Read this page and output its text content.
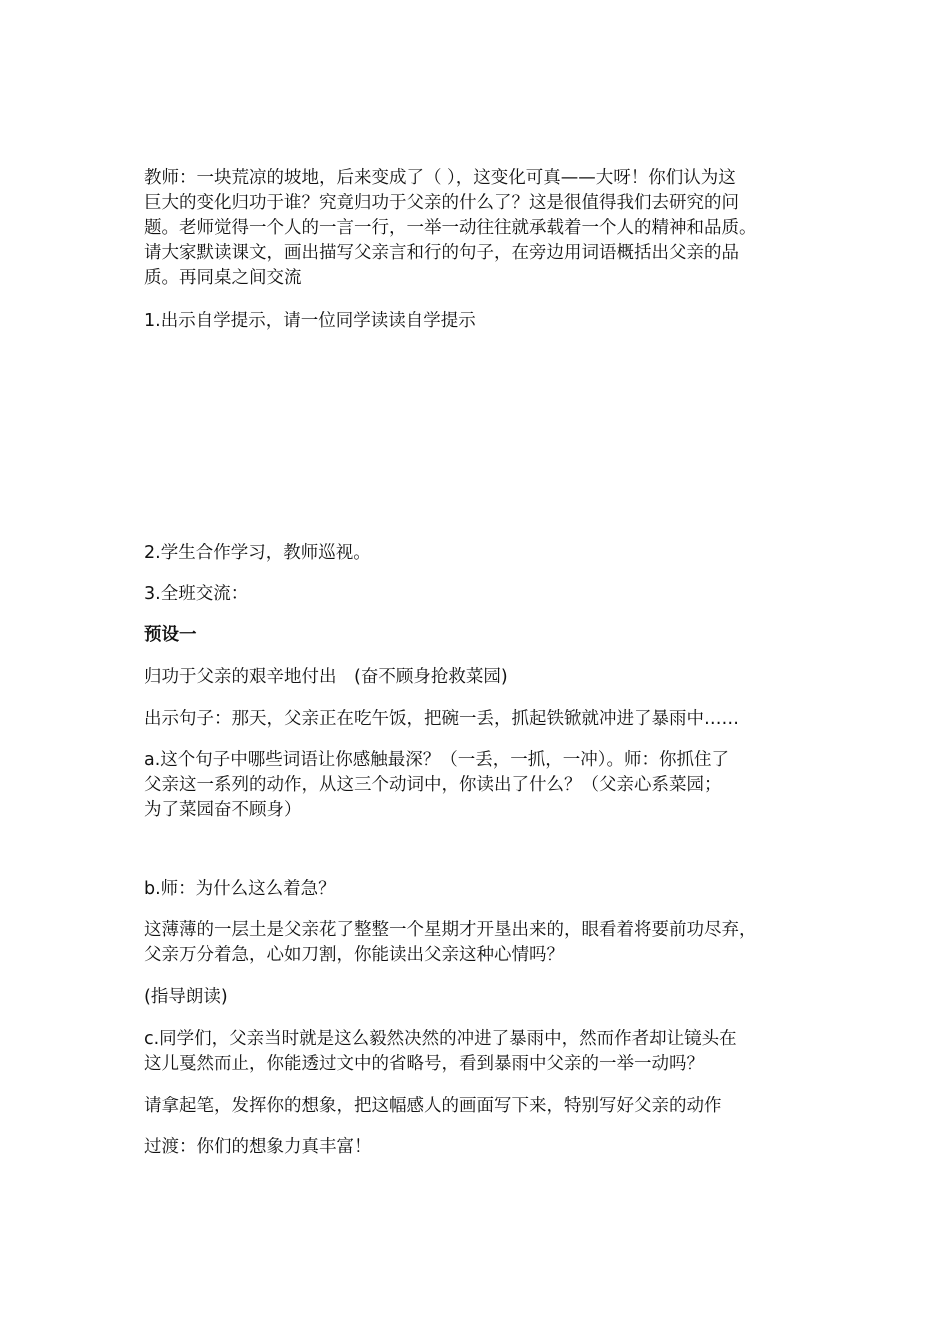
教师：一块荒凉的坡地，后来变成了（ ），这变化可真——大呀！你们认为这
巨大的变化归功于谁？究竟归功于父亲的什么了？这是很值得我们去研究的问
题。老师觉得一个人的一言一行，一举一动往往就承载着一个人的精神和品质。
请大家默读课文，画出描写父亲言和行的句子，在旁边用词语概括出父亲的品
质。再同桌之间交流
1.出示自学提示，请一位同学读读自学提示
2.学生合作学习，教师巡视。
3.全班交流：
预设一
归功于父亲的艰辛地付出　(奋不顾身抢救菜园)
出示句子：那天，父亲正在吃午饭，把碗一丢，抓起铁锨就冲进了暴雨中……
a.这个句子中哪些词语让你感触最深？（一丢，一抓，一冲）。师：你抓住了
父亲这一系列的动作，从这三个动词中，你读出了什么？（父亲心系菜园；
为了菜园奋不顾身）
b.师：为什么这么着急？
这薄薄的一层土是父亲花了整整一个星期才开垦出来的，眼看着将要前功尽弃，
父亲万分着急，心如刀割，你能读出父亲这种心情吗？
(指导朗读)
c.同学们，父亲当时就是这么毅然决然的冲进了暴雨中，然而作者却让镜头在
这儿戛然而止，你能透过文中的省略号，看到暴雨中父亲的一举一动吗？
请拿起笔，发挥你的想象，把这幅感人的画面写下来，特别写好父亲的动作
过渡：你们的想象力真丰富！
